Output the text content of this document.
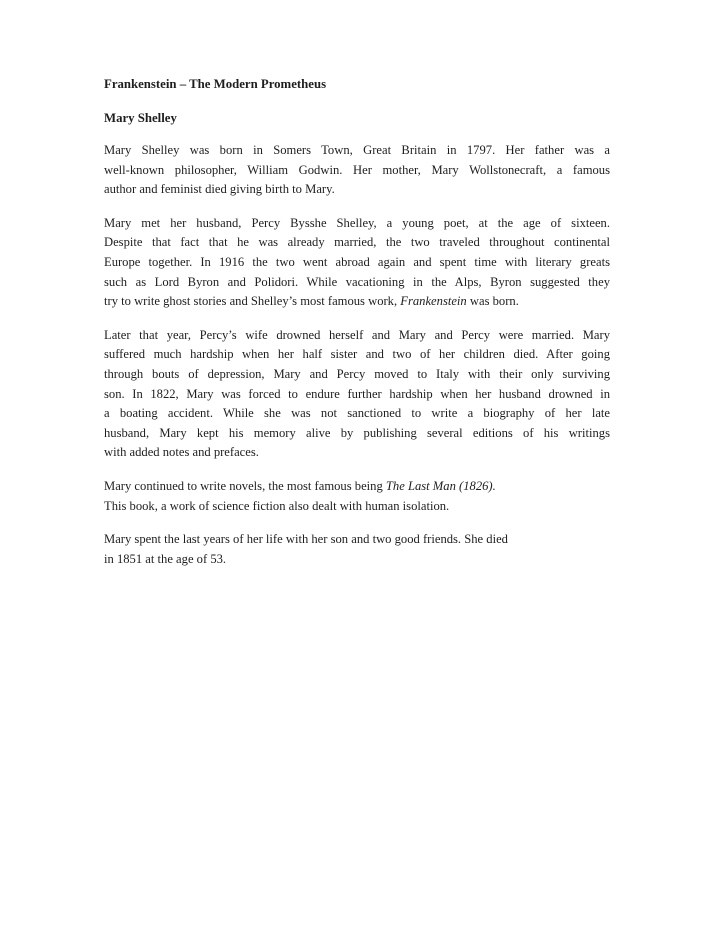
Frankenstein – The Modern Prometheus
Mary Shelley
Mary Shelley was born in Somers Town, Great Britain in 1797. Her father was a
well-known philosopher, William Godwin. Her mother, Mary Wollstonecraft, a famous
author and feminist died giving birth to Mary.
Mary met her husband, Percy Bysshe Shelley, a young poet, at the age of sixteen.
Despite that fact that he was already married, the two traveled throughout continental
Europe together. In 1916 the two went abroad again and spent time with literary greats
such as Lord Byron and Polidori. While vacationing in the Alps, Byron suggested they
try to write ghost stories and Shelley’s most famous work, Frankenstein was born.
Later that year, Percy’s wife drowned herself and Mary and Percy were married. Mary
suffered much hardship when her half sister and two of her children died. After going
through bouts of depression, Mary and Percy moved to Italy with their only surviving
son. In 1822, Mary was forced to endure further hardship when her husband drowned in
a boating accident. While she was not sanctioned to write a biography of her late
husband, Mary kept his memory alive by publishing several editions of his writings
with added notes and prefaces.
Mary continued to write novels, the most famous being The Last Man (1826).
This book, a work of science fiction also dealt with human isolation.
Mary spent the last years of her life with her son and two good friends. She died
in 1851 at the age of 53.
